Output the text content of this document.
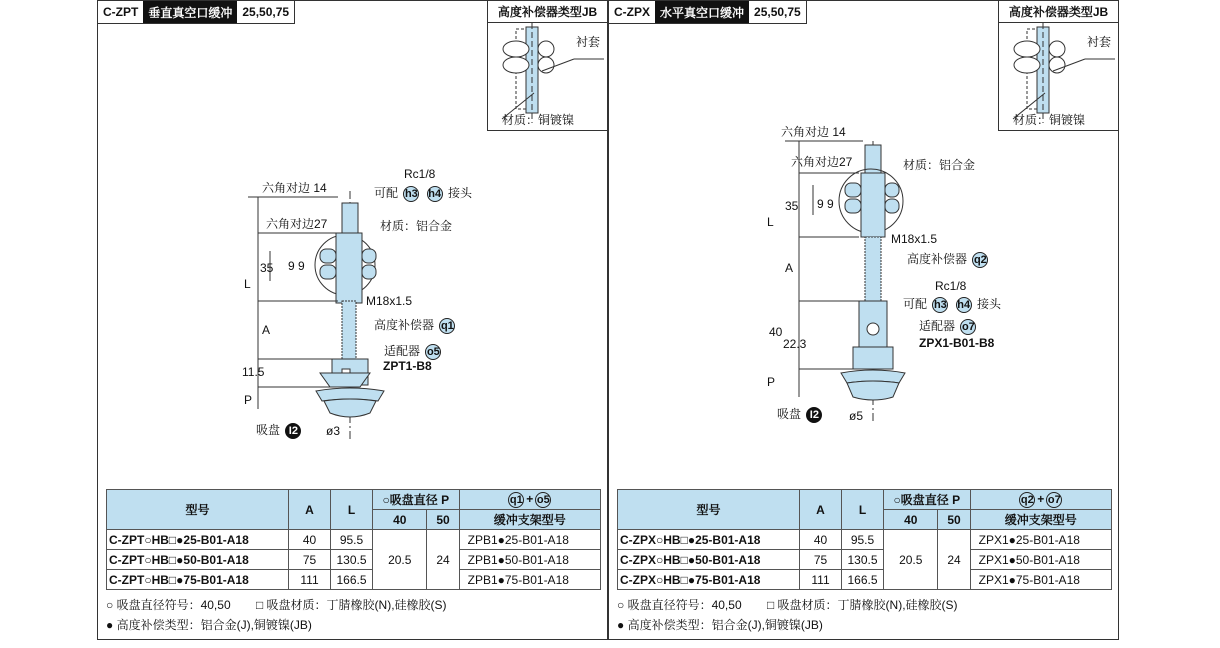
C-ZPT 垂直真空口缓冲 25,50,75	高度补偿器类型JB
衬套
材质：铜镀镍
六角对边 14
六角对边27
Rc1/8
可配 h3 h4 接头
材质：铝合金
M18x1.5
高度补偿器 q1
适配器 o5
ZPT1-B8
吸盘 I2	ø3
L
35 9 9
A
11.5
P
型号	A	L	○吸盘直径 P		q1 + o5
			40	50	缓冲支架型号
C-ZPT○HB□●25-B01-A18	40	95.5	20.5	24	ZPB1●25-B01-A18
C-ZPT○HB□●50-B01-A18	75	130.5			ZPB1●50-B01-A18
C-ZPT○HB□●75-B01-A18	111	166.5			ZPB1●75-B01-A18
○ 吸盘直径符号：40,50 □ 吸盘材质：丁腈橡胶(N),硅橡胶(S)
● 高度补偿类型：铝合金(J),铜镀镍(JB)
C-ZPX 水平真空口缓冲 25,50,75	高度补偿器类型JB
衬套
材质：铜镀镍
六角对边 14
六角对边27	材质：铝合金
M18x1.5
高度补偿器 q2
Rc1/8
可配 h3 h4 接头
适配器 o7
ZPX1-B01-B8
吸盘 I2	ø5
L
35 9 9
A
40
22.3
P
型号	A	L	○吸盘直径 P		q2 + o7
			40	50	缓冲支架型号
C-ZPX○HB□●25-B01-A18	40	95.5	20.5	24	ZPX1●25-B01-A18
C-ZPX○HB□●50-B01-A18	75	130.5			ZPX1●50-B01-A18
C-ZPX○HB□●75-B01-A18	111	166.5			ZPX1●75-B01-A18
○ 吸盘直径符号：40,50 □ 吸盘材质：丁腈橡胶(N),硅橡胶(S)
● 高度补偿类型：铝合金(J),铜镀镍(JB)
